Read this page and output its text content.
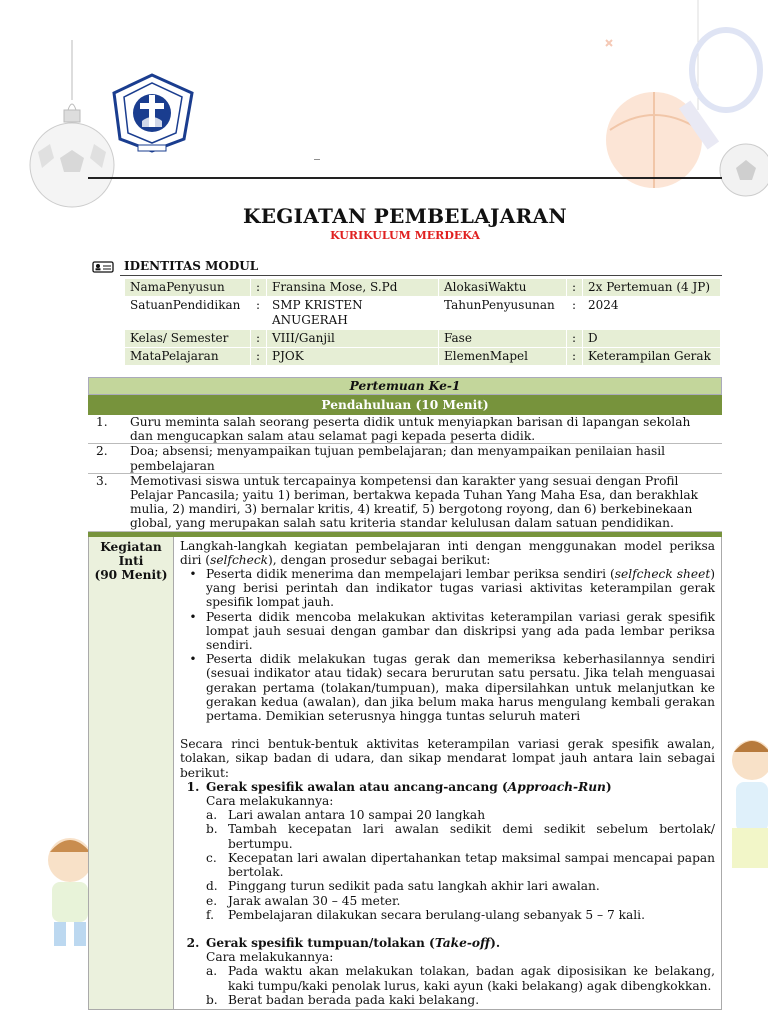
_
KEGIATAN PEMBELAJARAN
KURIKULUM MERDEKA
IDENTITAS MODUL
NamaPenyusun	:	Fransina Mose, S.Pd	AlokasiWaktu	:	2x Pertemuan (4 JP)
SatuanPendidikan	:	SMP KRISTEN ANUGERAH	TahunPenyusunan	:	2024
Kelas/ Semester	:	VIII/Ganjil	Fase	:	D
MataPelajaran	:	PJOK	ElemenMapel	:	Keterampilan Gerak
Pertemuan Ke-1
Pendahuluan (10 Menit)
1.	Guru meminta salah seorang peserta didik untuk menyiapkan barisan di lapangan sekolah dan mengucapkan salam atau selamat pagi kepada peserta didik.
2.	Doa; absensi; menyampaikan tujuan pembelajaran; dan menyampaikan penilaian hasil pembelajaran
3.	Memotivasi siswa untuk tercapainya kompetensi dan karakter yang sesuai dengan Profil Pelajar Pancasila; yaitu 1) beriman, bertakwa kepada Tuhan Yang Maha Esa, dan berakhlak mulia, 2) mandiri, 3) bernalar kritis, 4) kreatif, 5) bergotong royong, dan 6) berkebinekaan global, yang merupakan salah satu kriteria standar kelulusan dalam satuan pendidikan.
Kegiatan
Inti
(90 Menit)
Langkah-langkah kegiatan pembelajaran inti dengan menggunakan model periksa diri (selfcheck), dengan prosedur sebagai berikut:
• Peserta didik menerima dan mempelajari lembar periksa sendiri (selfcheck sheet) yang berisi perintah dan indikator tugas variasi aktivitas keterampilan gerak spesifik lompat jauh.
• Peserta didik mencoba melakukan aktivitas keterampilan variasi gerak spesifik lompat jauh sesuai dengan gambar dan diskripsi yang ada pada lembar periksa sendiri.
• Peserta didik melakukan tugas gerak dan memeriksa keberhasilannya sendiri (sesuai indikator atau tidak) secara berurutan satu persatu. Jika telah menguasai gerakan pertama (tolakan/tumpuan), maka dipersilahkan untuk melanjutkan ke gerakan kedua (awalan), dan jika belum maka harus mengulang kembali gerakan pertama. Demikian seterusnya hingga tuntas seluruh materi
Secara rinci bentuk-bentuk aktivitas keterampilan variasi gerak spesifik awalan, tolakan, sikap badan di udara, dan sikap mendarat lompat jauh antara lain sebagai berikut:
1. Gerak spesifik awalan atau ancang-ancang (Approach-Run)
Cara melakukannya:
a. Lari awalan antara 10 sampai 20 langkah
b. Tambah kecepatan lari awalan sedikit demi sedikit sebelum bertolak/ bertumpu.
c. Kecepatan lari awalan dipertahankan tetap maksimal sampai mencapai papan bertolak.
d. Pinggang turun sedikit pada satu langkah akhir lari awalan.
e. Jarak awalan 30 – 45 meter.
f.	Pembelajaran dilakukan secara berulang-ulang sebanyak 5 – 7 kali.
2. Gerak spesifik tumpuan/tolakan (Take-off).
Cara melakukannya:
a. Pada waktu akan melakukan tolakan, badan agak diposisikan ke belakang, kaki tumpu/kaki penolak lurus, kaki ayun (kaki belakang) agak dibengkokkan.
b. Berat badan berada pada kaki belakang.
